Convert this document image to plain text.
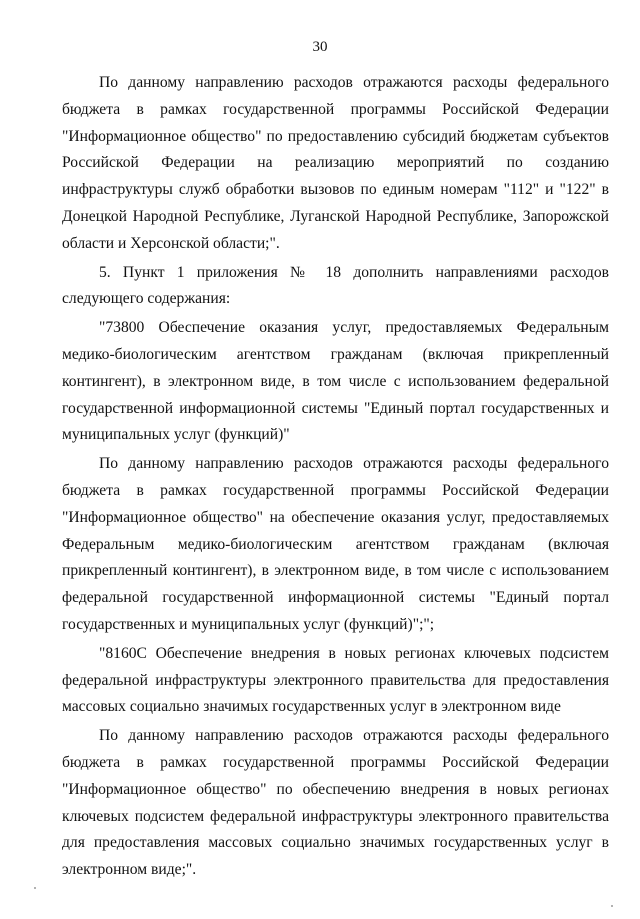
30

По данному направлению расходов отражаются расходы федерального бюджета в рамках государственной программы Российской Федерации "Информационное общество" по предоставлению субсидий бюджетам субъектов Российской Федерации на реализацию мероприятий по созданию инфраструктуры служб обработки вызовов по единым номерам "112" и "122" в Донецкой Народной Республике, Луганской Народной Республике, Запорожской области и Херсонской области;".

5. Пункт 1 приложения № 18 дополнить направлениями расходов следующего содержания:

"73800 Обеспечение оказания услуг, предоставляемых Федеральным медико-биологическим агентством гражданам (включая прикрепленный контингент), в электронном виде, в том числе с использованием федеральной государственной информационной системы "Единый портал государственных и муниципальных услуг (функций)"

По данному направлению расходов отражаются расходы федерального бюджета в рамках государственной программы Российской Федерации "Информационное общество" на обеспечение оказания услуг, предоставляемых Федеральным медико-биологическим агентством гражданам (включая прикрепленный контингент), в электронном виде, в том числе с использованием федеральной государственной информационной системы "Единый портал государственных и муниципальных услуг (функций)";";

"8160С Обеспечение внедрения в новых регионах ключевых подсистем федеральной инфраструктуры электронного правительства для предоставления массовых социально значимых государственных услуг в электронном виде

По данному направлению расходов отражаются расходы федерального бюджета в рамках государственной программы Российской Федерации "Информационное общество" по обеспечению внедрения в новых регионах ключевых подсистем федеральной инфраструктуры электронного правительства для предоставления массовых социально значимых государственных услуг в электронном виде;".
